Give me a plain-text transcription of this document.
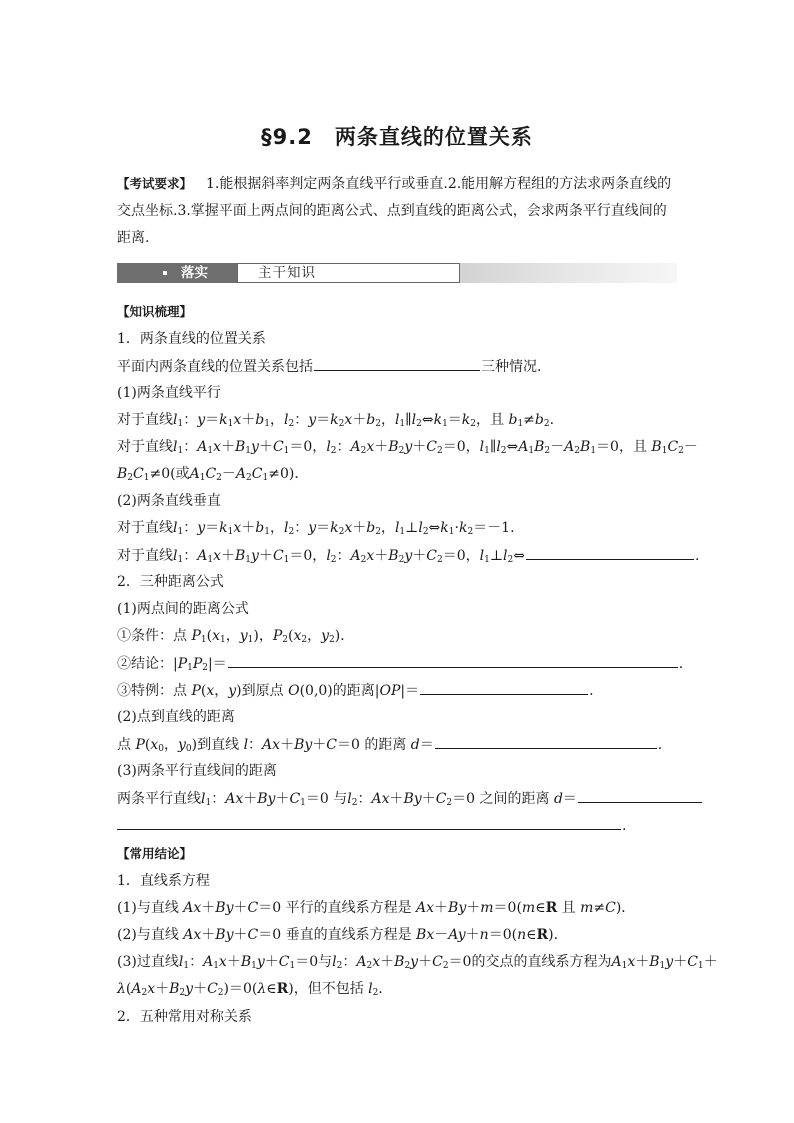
§9.2　两条直线的位置关系
【考试要求】 1.能根据斜率判定两条直线平行或垂直.2.能用解方程组的方法求两条直线的交点坐标.3.掌握平面上两点间的距离公式、点到直线的距离公式，会求两条平行直线间的距离.
落实	主干知识
【知识梳理】
1．两条直线的位置关系
平面内两条直线的位置关系包括	三种情况．
(1)两条直线平行
对于直线$l_1$：$y=k_1x+b_1$，$l_2$：$y=k_2x+b_2$，$l_1\parallel l_2\Leftrightarrow k_1=k_2$，且 $b_1\ne b_2$.
对于直线$l_1$：$A_1x+B_1y+C_1=0$，$l_2$：$A_2x+B_2y+C_2=0$，$l_1\parallel l_2\Leftrightarrow A_1B_2-A_2B_1=0$，且 $B_1C_2-$
$B_2C_1\ne 0$(或$A_1C_2-A_2C_1\ne 0$)．
(2)两条直线垂直
对于直线$l_1$：$y=k_1x+b_1$，$l_2$：$y=k_2x+b_2$，$l_1\perp l_2\Leftrightarrow k_1\cdot k_2=-1$.
对于直线$l_1$：$A_1x+B_1y+C_1=0$，$l_2$：$A_2x+B_2y+C_2=0$，$l_1\perp l_2\Leftrightarrow$	.
2．三种距离公式
(1)两点间的距离公式
①条件：点 $P_1(x_1$，$y_1$)，$P_2(x_2$，$y_2$)．
②结论：$|P_1P_2|=$	.
③特例：点 P(x，y)到原点 O(0,0)的距离|OP|＝	.
(2)点到直线的距离
点 $P(x_0$，$y_0$)到直线 l：Ax＋By＋C＝0 的距离 d＝	.
(3)两条平行直线间的距离
两条平行直线$l_1$：$Ax+By+C_1=0$ 与$l_2$：$Ax+By+C_2=0$ 之间的距离 d＝
.
【常用结论】
1．直线系方程
(1)与直线 Ax＋By＋C＝0 平行的直线系方程是 Ax＋By＋m＝0(m∈R 且 m≠C)．
(2)与直线 Ax＋By＋C＝0 垂直的直线系方程是 Bx－Ay＋n＝0(n∈R)．
(3)过直线$l_1$：$A_1x+B_1y+C_1=0$与$l_2$：$A_2x+B_2y+C_2=0$的交点的直线系方程为$A_1x+B_1y+C_1+$
$\lambda(A_2x+B_2y+C_2)=0(\lambda\in R)$，但不包括 $l_2$.
2．五种常用对称关系
